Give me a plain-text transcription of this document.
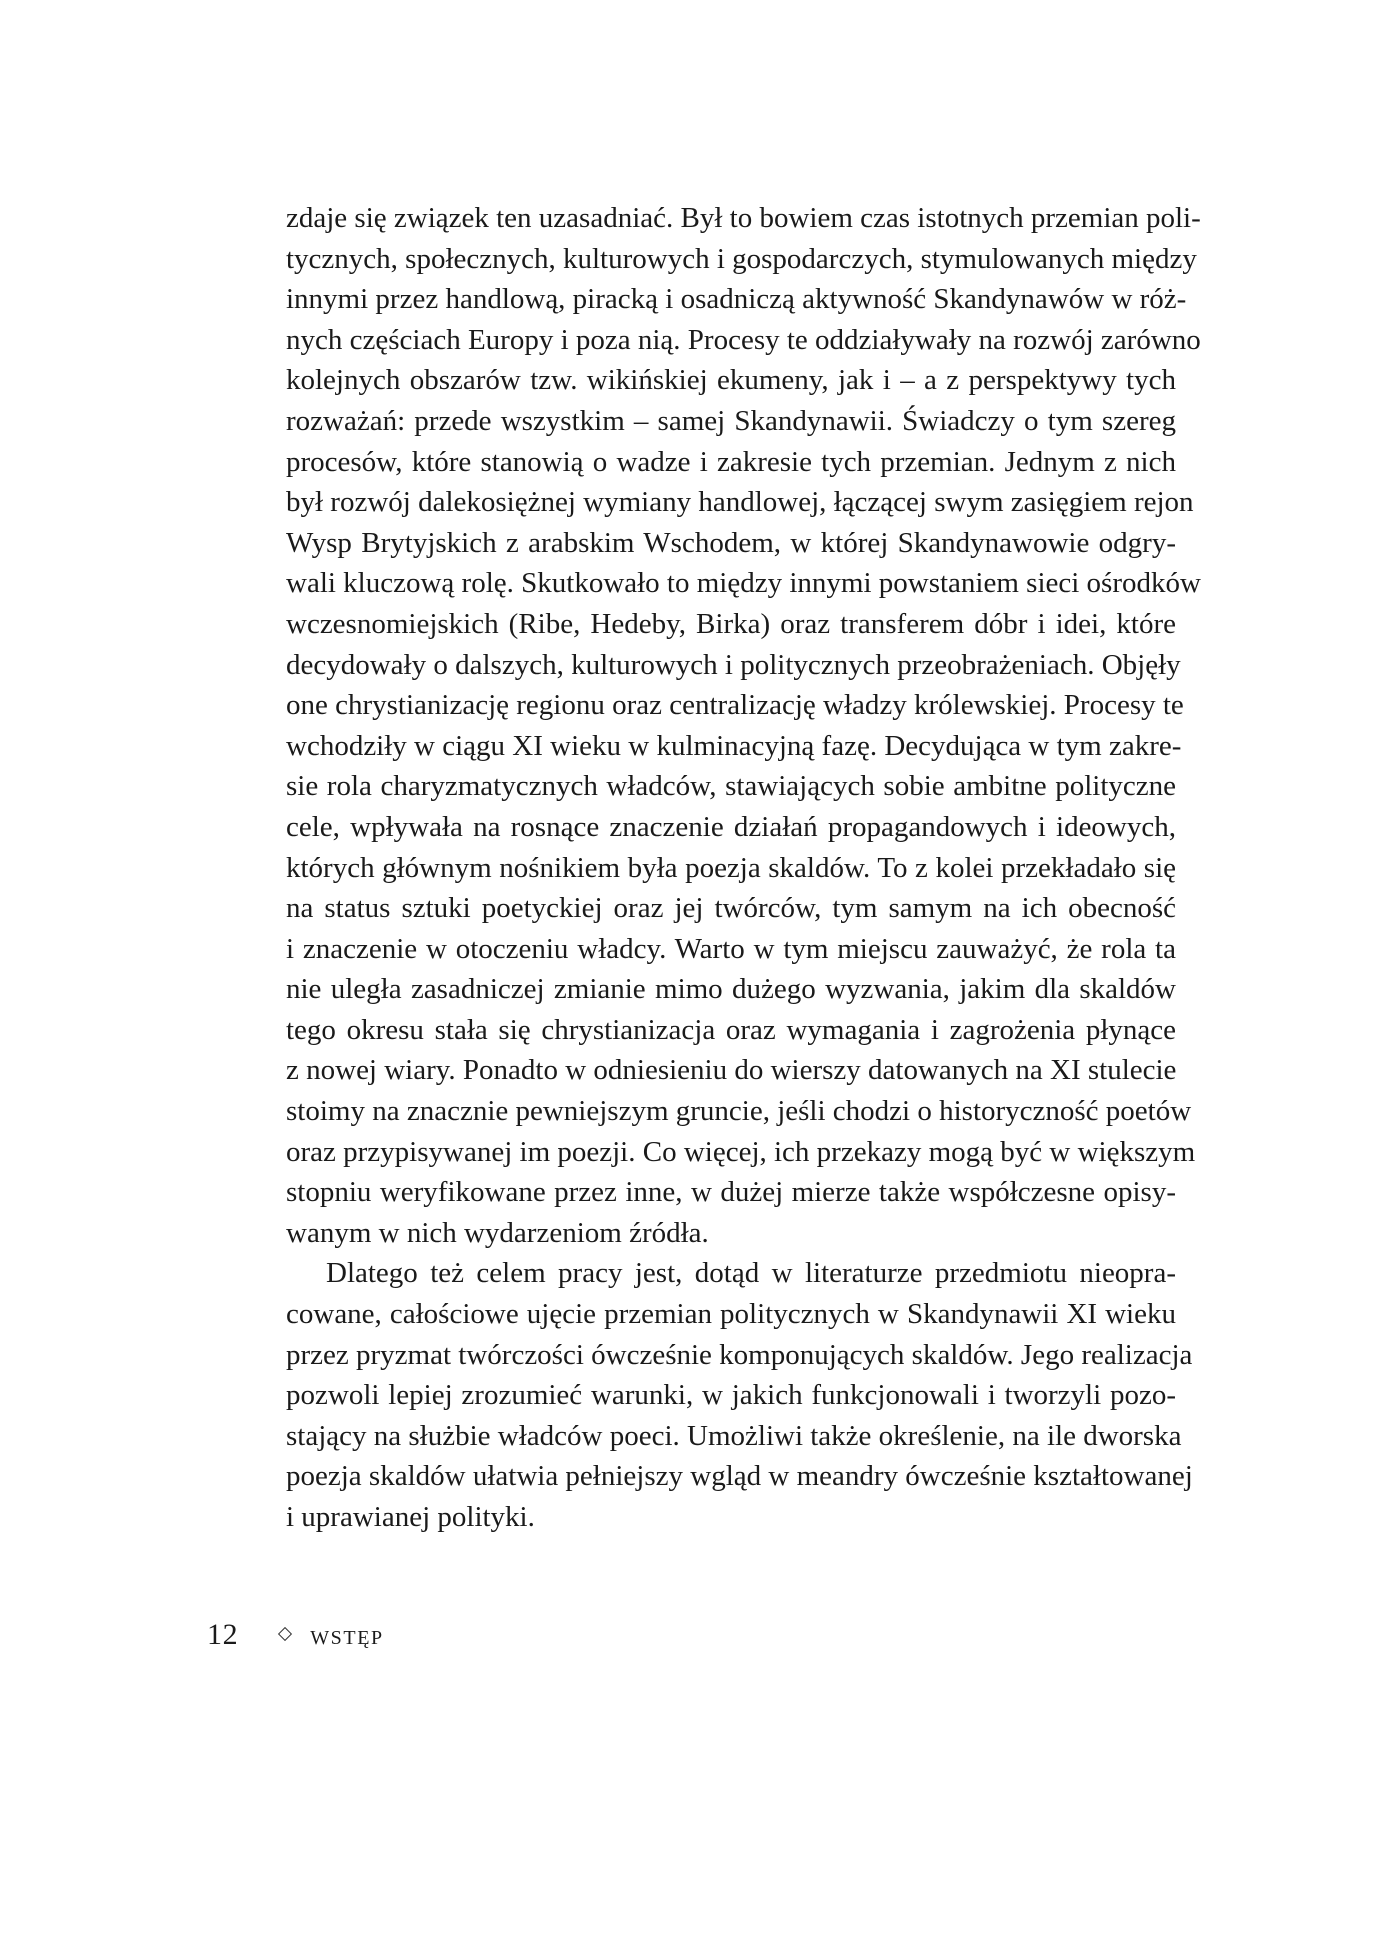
zdaje się związek ten uzasadniać. Był to bowiem czas istotnych przemian poli-
tycznych, społecznych, kulturowych i gospodarczych, stymulowanych między
innymi przez handlową, piracką i osadniczą aktywność Skandynawów w róż-
nych częściach Europy i poza nią. Procesy te oddziaływały na rozwój zarówno
kolejnych obszarów tzw. wikińskiej ekumeny, jak i – a z perspektywy tych
rozważań: przede wszystkim – samej Skandynawii. Świadczy o tym szereg
procesów, które stanowią o wadze i zakresie tych przemian. Jednym z nich
był rozwój dalekosiężnej wymiany handlowej, łączącej swym zasięgiem rejon
Wysp Brytyjskich z arabskim Wschodem, w której Skandynawowie odgry-
wali kluczową rolę. Skutkowało to między innymi powstaniem sieci ośrodków
wczesnomiejskich (Ribe, Hedeby, Birka) oraz transferem dóbr i idei, które
decydowały o dalszych, kulturowych i politycznych przeobrażeniach. Objęły
one chrystianizację regionu oraz centralizację władzy królewskiej. Procesy te
wchodziły w ciągu XI wieku w kulminacyjną fazę. Decydująca w tym zakre-
sie rola charyzmatycznych władców, stawiających sobie ambitne polityczne
cele, wpływała na rosnące znaczenie działań propagandowych i ideowych,
których głównym nośnikiem była poezja skaldów. To z kolei przekładało się
na status sztuki poetyckiej oraz jej twórców, tym samym na ich obecność
i znaczenie w otoczeniu władcy. Warto w tym miejscu zauważyć, że rola ta
nie uległa zasadniczej zmianie mimo dużego wyzwania, jakim dla skaldów
tego okresu stała się chrystianizacja oraz wymagania i zagrożenia płynące
z nowej wiary. Ponadto w odniesieniu do wierszy datowanych na XI stulecie
stoimy na znacznie pewniejszym gruncie, jeśli chodzi o historyczność poetów
oraz przypisywanej im poezji. Co więcej, ich przekazy mogą być w większym
stopniu weryfikowane przez inne, w dużej mierze także współczesne opisy-
wanym w nich wydarzeniom źródła.
Dlatego też celem pracy jest, dotąd w literaturze przedmiotu nieopra-
cowane, całościowe ujęcie przemian politycznych w Skandynawii XI wieku
przez pryzmat twórczości ówcześnie komponujących skaldów. Jego realizacja
pozwoli lepiej zrozumieć warunki, w jakich funkcjonowali i tworzyli pozo-
stający na służbie władców poeci. Umożliwi także określenie, na ile dworska
poezja skaldów ułatwia pełniejszy wgląd w meandry ówcześnie kształtowanej
i uprawianej polityki.
12	WSTĘP
